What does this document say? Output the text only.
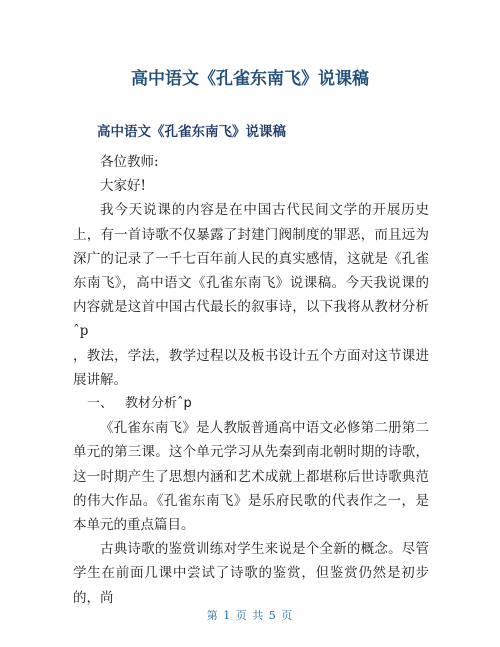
高中语文《孔雀东南飞》说课稿
高中语文《孔雀东南飞》说课稿

各位教师:

大家好!

我今天说课的内容是在中国古代民间文学的开展历史上，有一首诗歌不仅暴露了封建门阀制度的罪恶，而且远为深广的记录了一千七百年前人民的真实感情，这就是《孔雀东南飞》，高中语文《孔雀东南飞》说课稿。今天我说课的内容就是这首中国古代最长的叙事诗，以下我将从教材分析ˆp

，教法，学法，教学过程以及板书设计五个方面对这节课进展讲解。

一、 教材分析ˆp

《孔雀东南飞》是人教版普通高中语文必修第二册第二单元的第三课。这个单元学习从先秦到南北朝时期的诗歌，这一时期产生了思想内涵和艺术成就上都堪称后世诗歌典范的伟大作品。《孔雀东南飞》是乐府民歌的代表作之一，是本单元的重点篇目。

古典诗歌的鉴赏训练对学生来说是个全新的概念。尽管学生在前面几课中尝试了诗歌的鉴赏，但鉴赏仍然是初步的，尚

第 1 页 共 5 页
